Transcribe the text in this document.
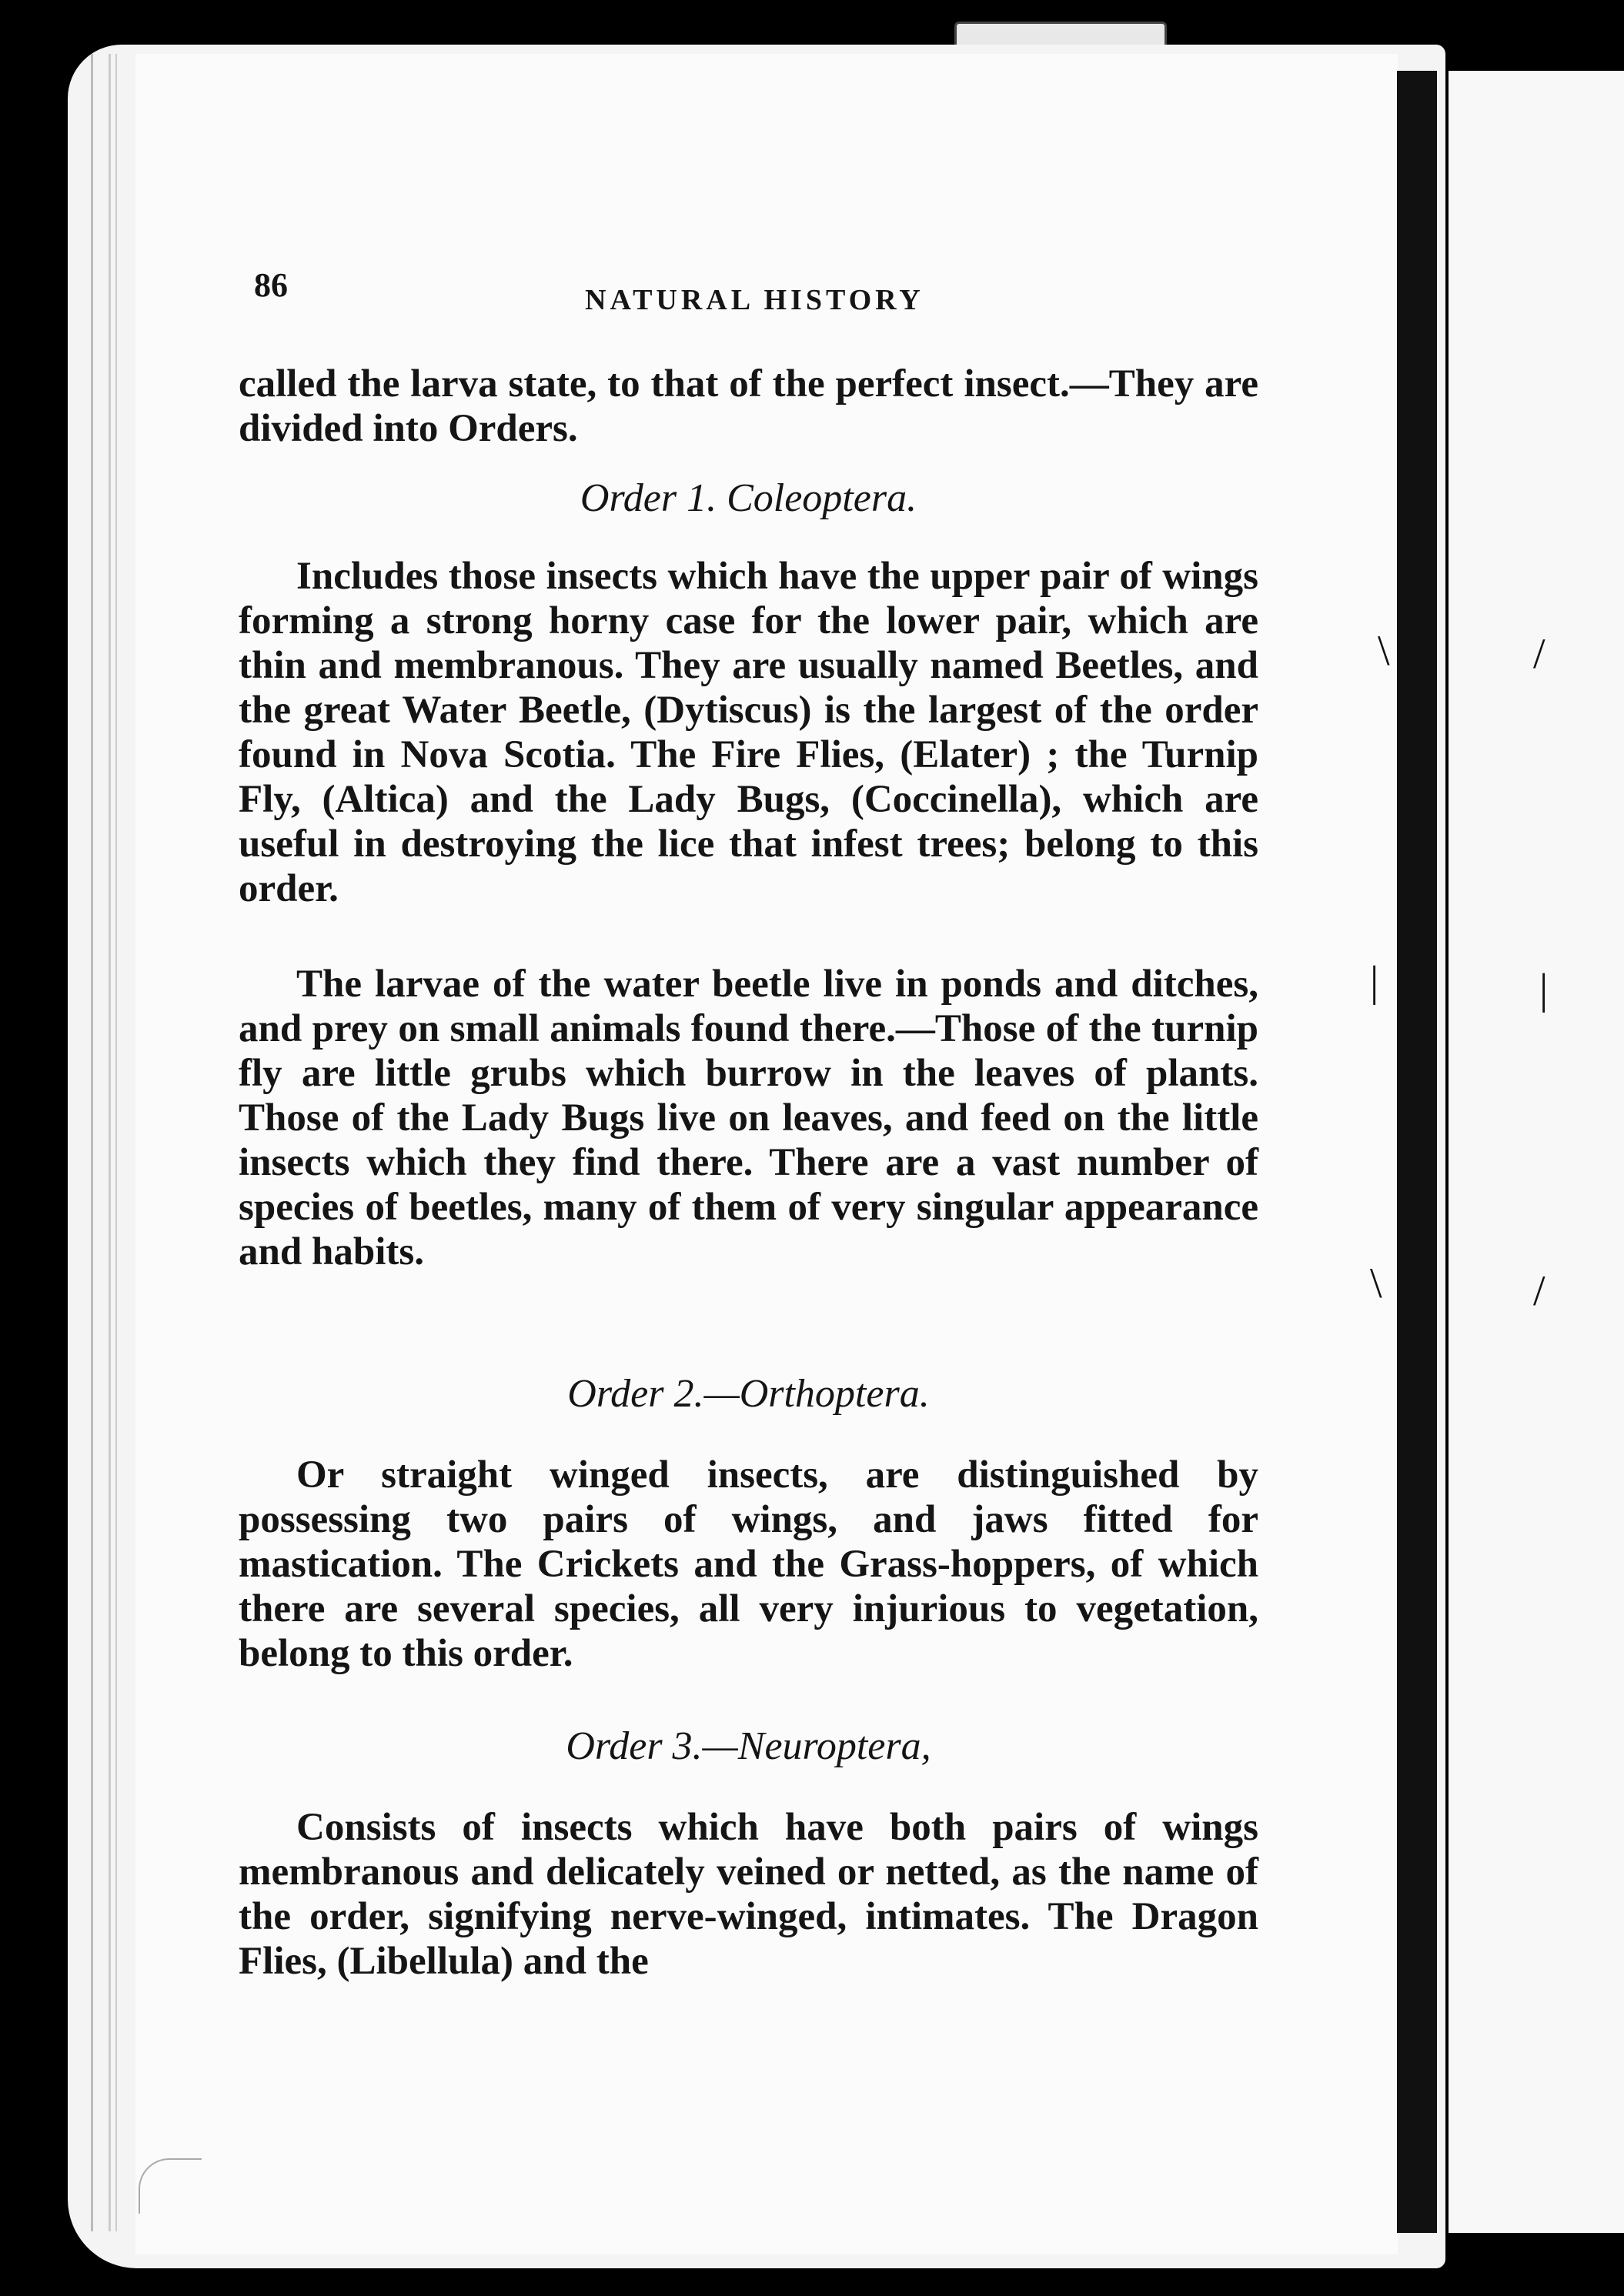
\	/
|	|
\	/
86	NATURAL HISTORY
called the larva state, to that of the perfect insect.—They are divided into Orders.
Order 1. Coleoptera.
Includes those insects which have the upper pair of wings forming a strong horny case for the lower pair, which are thin and membranous. They are usually named Beetles, and the great Water Beetle, (Dytiscus) is the largest of the order found in Nova Scotia. The Fire Flies, (Elater) ; the Turnip Fly, (Altica) and the Lady Bugs, (Coccinella), which are useful in destroying the lice that infest trees; belong to this order.
The larvae of the water beetle live in ponds and ditches, and prey on small animals found there.—Those of the turnip fly are little grubs which burrow in the leaves of plants. Those of the Lady Bugs live on leaves, and feed on the little insects which they find there. There are a vast number of species of beetles, many of them of very singular appearance and habits.
Order 2.—Orthoptera.
Or straight winged insects, are distinguished by possessing two pairs of wings, and jaws fitted for mastication. The Crickets and the Grass-hoppers, of which there are several species, all very injurious to vegetation, belong to this order.
Order 3.—Neuroptera,
Consists of insects which have both pairs of wings membranous and delicately veined or netted, as the name of the order, signifying nerve-winged, intimates. The Dragon Flies, (Libellula) and the
